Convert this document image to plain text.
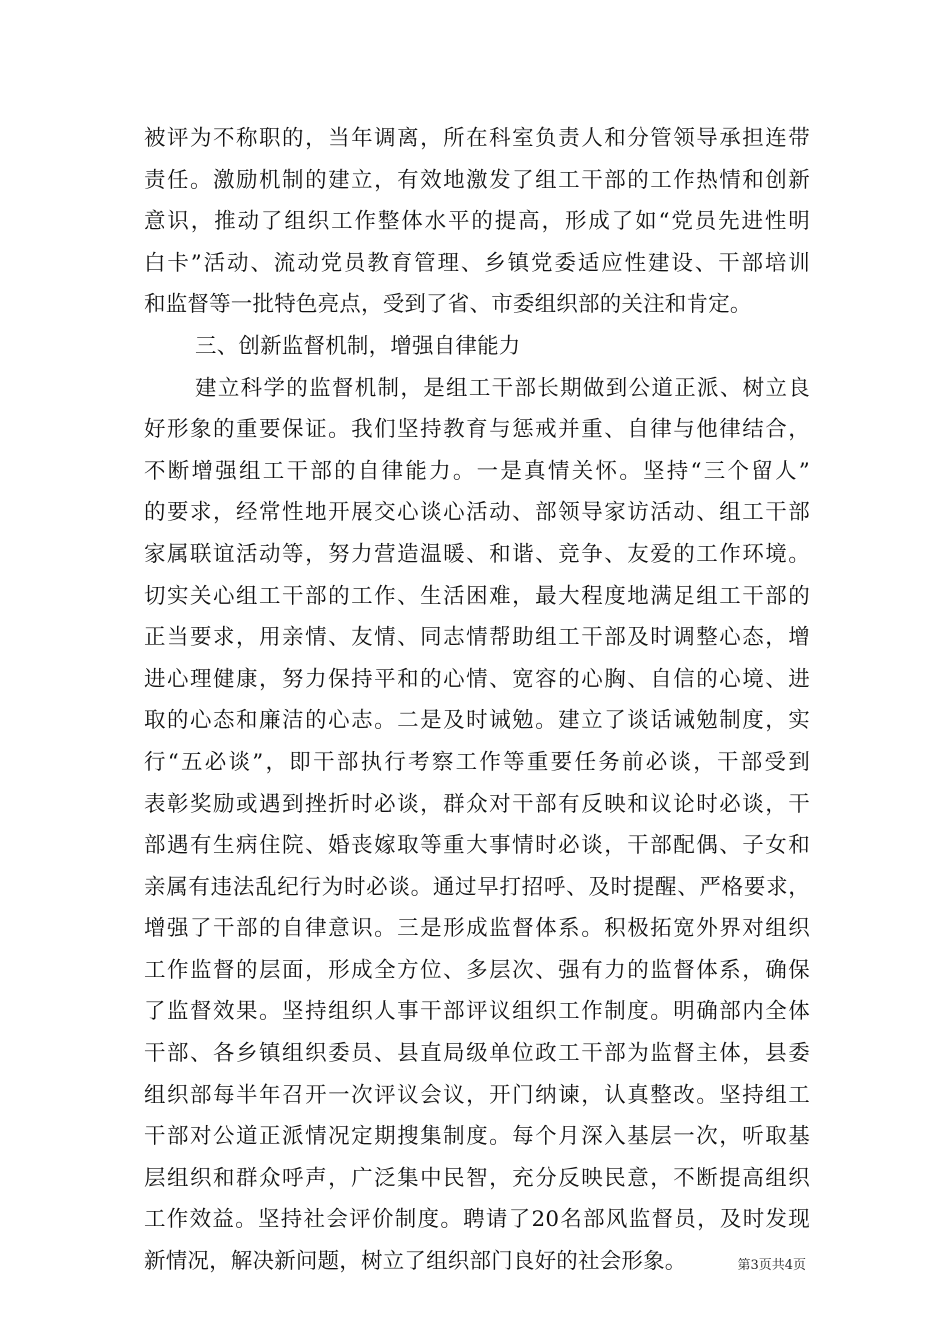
被评为不称职的，当年调离，所在科室负责人和分管领导承担连带
责任。激励机制的建立，有效地激发了组工干部的工作热情和创新
意识，推动了组织工作整体水平的提高，形成了如“党员先进性明
白卡”活动、流动党员教育管理、乡镇党委适应性建设、干部培训
和监督等一批特色亮点，受到了省、市委组织部的关注和肯定。
三、创新监督机制，增强自律能力
建立科学的监督机制，是组工干部长期做到公道正派、树立良
好形象的重要保证。我们坚持教育与惩戒并重、自律与他律结合，
不断增强组工干部的自律能力。一是真情关怀。坚持“三个留人”
的要求，经常性地开展交心谈心活动、部领导家访活动、组工干部
家属联谊活动等，努力营造温暖、和谐、竞争、友爱的工作环境。
切实关心组工干部的工作、生活困难，最大程度地满足组工干部的
正当要求，用亲情、友情、同志情帮助组工干部及时调整心态，增
进心理健康，努力保持平和的心情、宽容的心胸、自信的心境、进
取的心态和廉洁的心志。二是及时诫勉。建立了谈话诫勉制度，实
行“五必谈”，即干部执行考察工作等重要任务前必谈，干部受到
表彰奖励或遇到挫折时必谈，群众对干部有反映和议论时必谈，干
部遇有生病住院、婚丧嫁取等重大事情时必谈，干部配偶、子女和
亲属有违法乱纪行为时必谈。通过早打招呼、及时提醒、严格要求，
增强了干部的自律意识。三是形成监督体系。积极拓宽外界对组织
工作监督的层面，形成全方位、多层次、强有力的监督体系，确保
了监督效果。坚持组织人事干部评议组织工作制度。明确部内全体
干部、各乡镇组织委员、县直局级单位政工干部为监督主体，县委
组织部每半年召开一次评议会议，开门纳谏，认真整改。坚持组工
干部对公道正派情况定期搜集制度。每个月深入基层一次，听取基
层组织和群众呼声，广泛集中民智，充分反映民意，不断提高组织
工作效益。坚持社会评价制度。聘请了20名部风监督员，及时发现
新情况，解决新问题，树立了组织部门良好的社会形象。	第3页共4页
